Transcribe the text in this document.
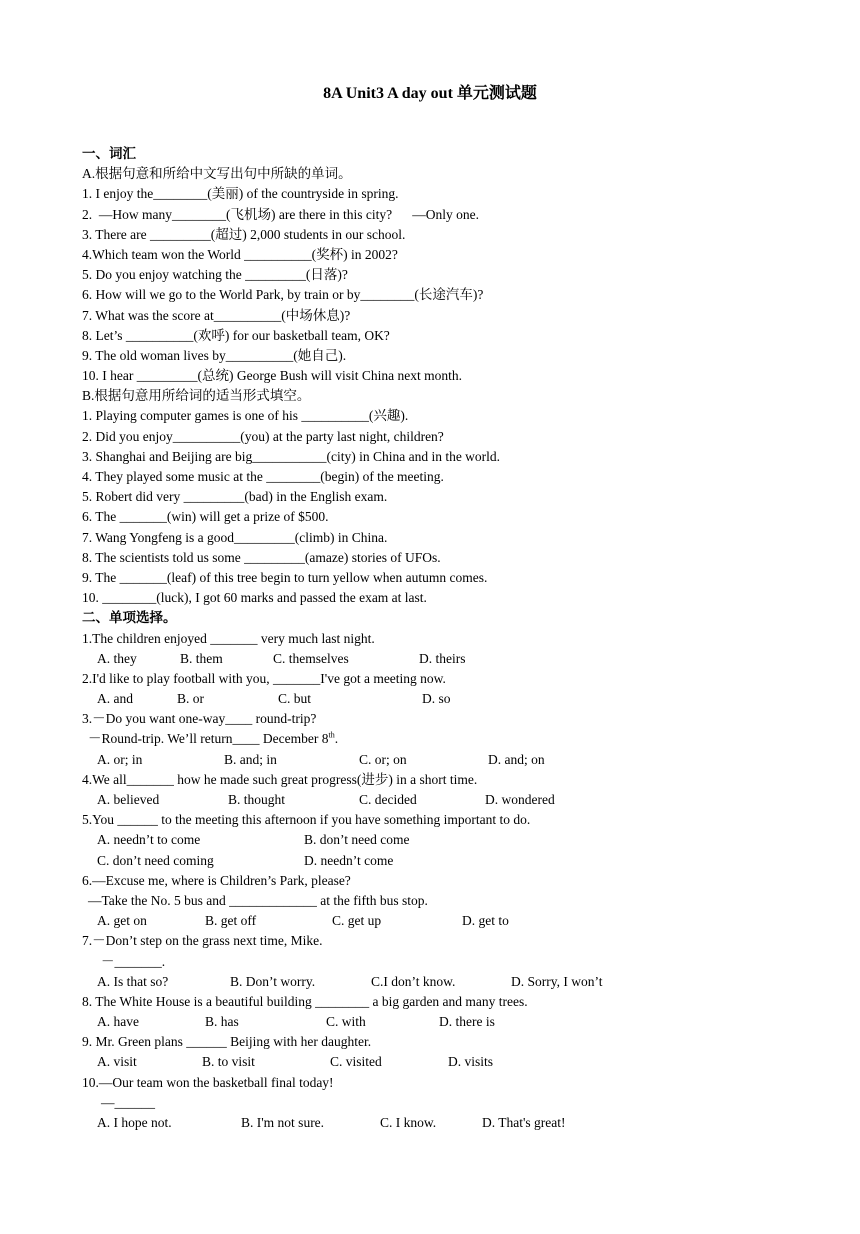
8A Unit3 A day out 单元测试题
一、词汇
A.根据句意和所给中文写出句中所缺的单词。
1. I enjoy the________(美丽) of the countryside in spring.
2.  —How many________(飞机场) are there in this city?      —Only one.
3. There are _________(超过) 2,000 students in our school.
4.Which team won the World __________(奖杯) in 2002?
5. Do you enjoy watching the _________(日落)?
6. How will we go to the World Park, by train or by________(长途汽车)?
7. What was the score at__________(中场休息)?
8. Let’s __________(欢呼) for our basketball team, OK?
9. The old woman lives by__________(她自己).
10. I hear _________(总统) George Bush will visit China next month.
B.根据句意用所给词的适当形式填空。
1. Playing computer games is one of his __________(兴趣).
2. Did you enjoy__________(you) at the party last night, children?
3. Shanghai and Beijing are big___________(city) in China and in the world.
4. They played some music at the ________(begin) of the meeting.
5. Robert did very _________(bad) in the English exam.
6. The _______(win) will get a prize of $500.
7. Wang Yongfeng is a good_________(climb) in China.
8. The scientists told us some _________(amaze) stories of UFOs.
9. The _______(leaf) of this tree begin to turn yellow when autumn comes.
10. ________(luck), I got 60 marks and passed the exam at last.
二、单项选择。
1.The children enjoyed _______ very much last night.

A. they

	B. them

	C. themselves

	D. theirs

2.I'd like to play football with you, _______I've got a meeting now.

A. and

	B. or

	C. but

	D. so

3.－Do you want one-way____ round-trip?
－Round-trip. We’ll return____ December 8th.

A. or; in

	B. and; in

	C. or; on

	D. and; on

4.We all_______ how he made such great progress(进步) in a short time.

A. believed

	B. thought

	C. decided

	D. wondered

5.You ______ to the meeting this afternoon if you have something important to do.

A. needn’t to come

	B. don’t need come

C. don’t need coming

	D. needn’t come

6.—Excuse me, where is Children’s Park, please?
—Take the No. 5 bus and _____________ at the fifth bus stop.

A. get on

	B. get off

	C. get up

	D. get to

7.－Don’t step on the grass next time, Mike.
－_______.

A. Is that so?

	B. Don’t worry.

	C.I don’t know.

	D. Sorry, I won’t

8. The White House is a beautiful building ________ a big garden and many trees.

A. have

	B. has

	C. with

	D. there is

9. Mr. Green plans ______ Beijing with her daughter.

A. visit

	B. to visit

	C. visited

	D. visits

10.—Our team won the basketball final today!
—______

A. I hope not.

	B. I'm not sure.

	C. I know.

	D. That's great!
